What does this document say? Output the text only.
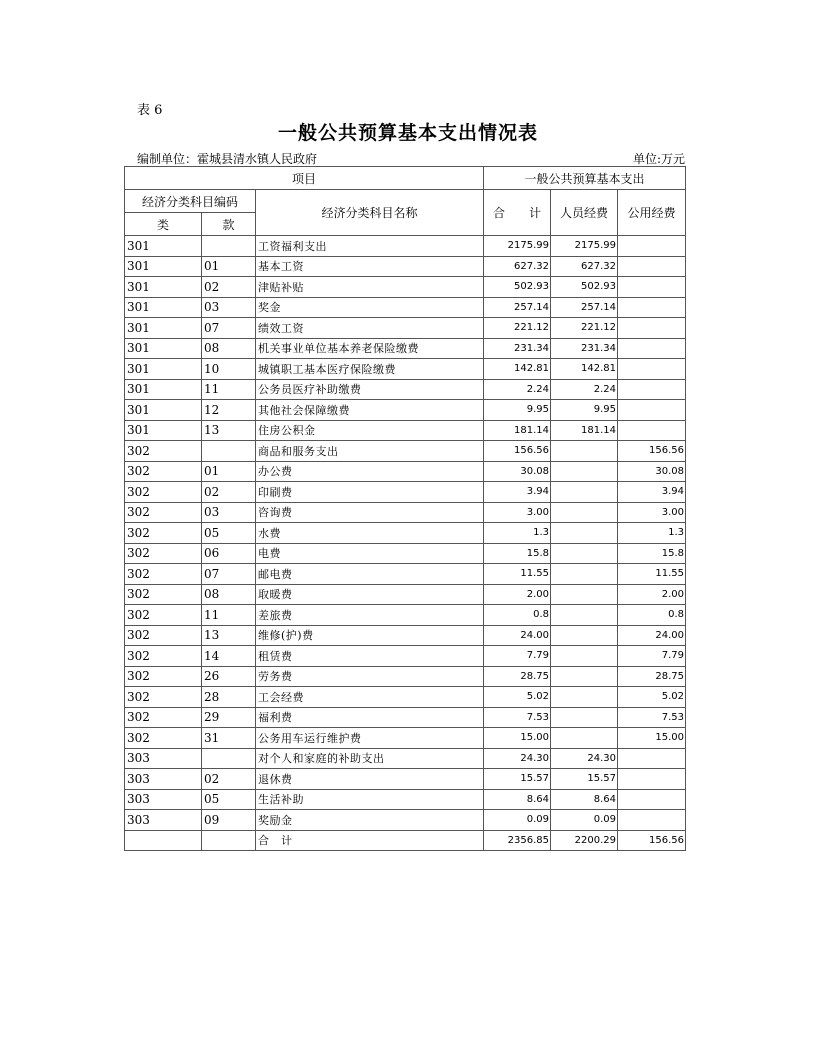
表 6
一般公共预算基本支出情况表
编制单位：霍城县清水镇人民政府	单位:万元
项目			一般公共预算基本支出		
经济分类科目编码		经济分类科目名称	合　　计	人员经费	公用经费
类	款				
301		工资福利支出	2175.99	2175.99	
301	01	基本工资	627.32	627.32	
301	02	津贴补贴	502.93	502.93	
301	03	奖金	257.14	257.14	
301	07	绩效工资	221.12	221.12	
301	08	机关事业单位基本养老保险缴费	231.34	231.34	
301	10	城镇职工基本医疗保险缴费	142.81	142.81	
301	11	公务员医疗补助缴费	2.24	2.24	
301	12	其他社会保障缴费	9.95	9.95	
301	13	住房公积金	181.14	181.14	
302		商品和服务支出	156.56		156.56
302	01	办公费	30.08		30.08
302	02	印刷费	3.94		3.94
302	03	咨询费	3.00		3.00
302	05	水费	1.3		1.3
302	06	电费	15.8		15.8
302	07	邮电费	11.55		11.55
302	08	取暖费	2.00		2.00
302	11	差旅费	0.8		0.8
302	13	维修(护)费	24.00		24.00
302	14	租赁费	7.79		7.79
302	26	劳务费	28.75		28.75
302	28	工会经费	5.02		5.02
302	29	福利费	7.53		7.53
302	31	公务用车运行维护费	15.00		15.00
303		对个人和家庭的补助支出	24.30	24.30	
303	02	退休费	15.57	15.57	
303	05	生活补助	8.64	8.64	
303	09	奖励金	0.09	0.09	
		合　计	2356.85	2200.29	156.56
